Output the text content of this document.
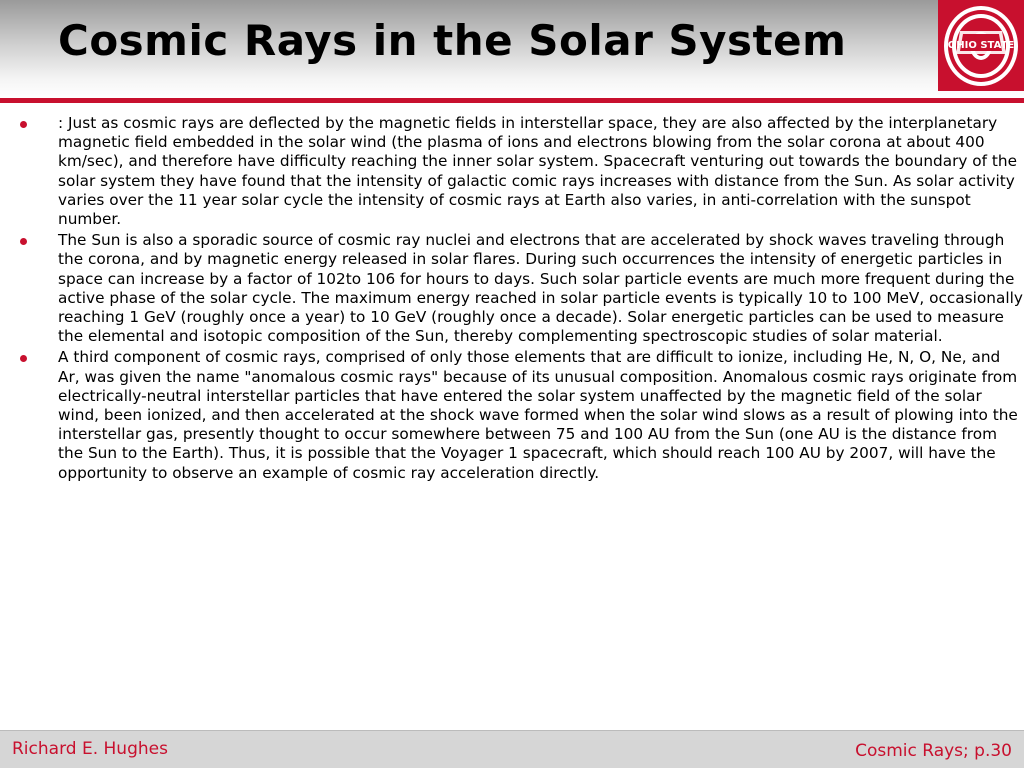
Cosmic Rays in the Solar System	OHIO STATE
: Just as cosmic rays are deflected by the magnetic fields in interstellar space, they are also affected by the interplanetary magnetic field embedded in the solar wind (the plasma of ions and electrons blowing from the solar corona at about 400 km/sec), and therefore have difficulty reaching the inner solar system. Spacecraft venturing out towards the boundary of the solar system they have found that the intensity of galactic comic rays increases with distance from the Sun. As solar activity varies over the 11 year solar cycle the intensity of cosmic rays at Earth also varies, in anti-correlation with the sunspot number.
The Sun is also a sporadic source of cosmic ray nuclei and electrons that are accelerated by shock waves traveling through the corona, and by magnetic energy released in solar flares. During such occurrences the intensity of energetic particles in space can increase by a factor of 102to 106 for hours to days. Such solar particle events are much more frequent during the active phase of the solar cycle. The maximum energy reached in solar particle events is typically 10 to 100 MeV, occasionally reaching 1 GeV (roughly once a year) to 10 GeV (roughly once a decade). Solar energetic particles can be used to measure the elemental and isotopic composition of the Sun, thereby complementing spectroscopic studies of solar material.
A third component of cosmic rays, comprised of only those elements that are difficult to ionize, including He, N, O, Ne, and Ar, was given the name "anomalous cosmic rays" because of its unusual composition. Anomalous cosmic rays originate from electrically-neutral interstellar particles that have entered the solar system unaffected by the magnetic field of the solar wind, been ionized, and then accelerated at the shock wave formed when the solar wind slows as a result of plowing into the interstellar gas, presently thought to occur somewhere between 75 and 100 AU from the Sun (one AU is the distance from the Sun to the Earth). Thus, it is possible that the Voyager 1 spacecraft, which should reach 100 AU by 2007, will have the opportunity to observe an example of cosmic ray acceleration directly.
Richard E. Hughes	Cosmic Rays; p.30
